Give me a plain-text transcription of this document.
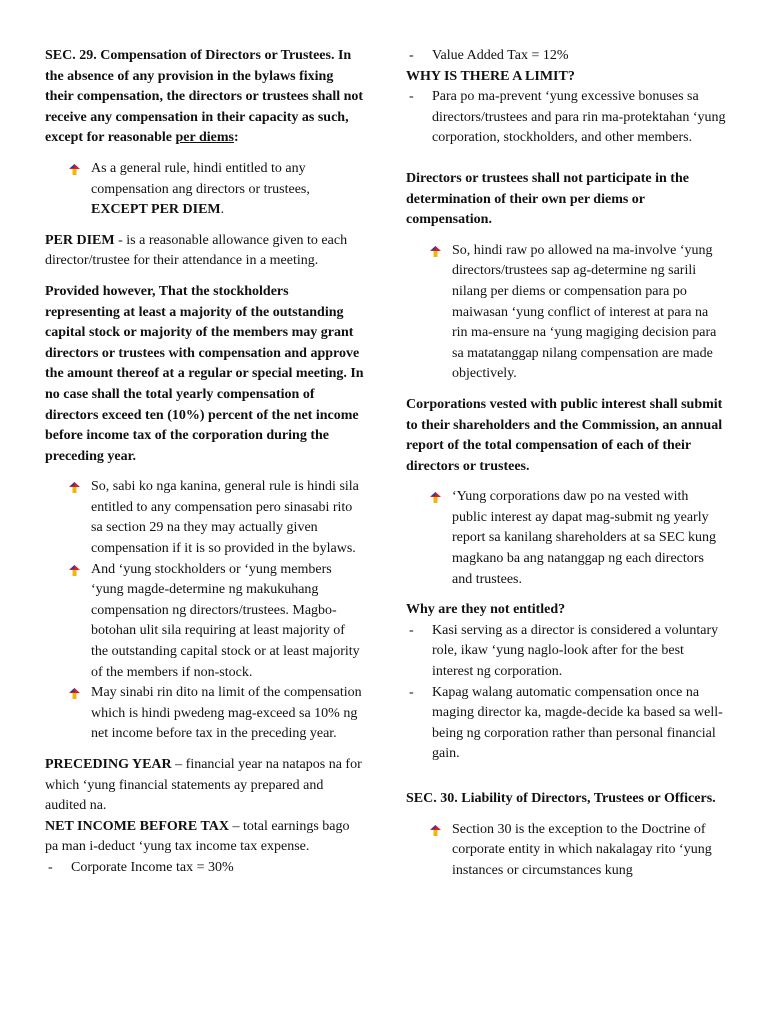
SEC. 29. Compensation of Directors or Trustees. In the absence of any provision in the bylaws fixing their compensation, the directors or trustees shall not receive any compensation in their capacity as such, except for reasonable per diems:

As a general rule, hindi entitled to any compensation ang directors or trustees, EXCEPT PER DIEM.

PER DIEM - is a reasonable allowance given to each director/trustee for their attendance in a meeting.

Provided however, That the stockholders representing at least a majority of the outstanding capital stock or majority of the members may grant directors or trustees with compensation and approve the amount thereof at a regular or special meeting. In no case shall the total yearly compensation of directors exceed ten (10%) percent of the net income before income tax of the corporation during the preceding year.

So, sabi ko nga kanina, general rule is hindi sila entitled to any compensation pero sinasabi rito sa section 29 na they may actually given compensation if it is so provided in the bylaws.
And ‘yung stockholders or ‘yung members ‘yung magde-determine ng makukuhang compensation ng directors/trustees. Magbo-botohan ulit sila requiring at least majority of the outstanding capital stock or at least majority of the members if non-stock.
May sinabi rin dito na limit of the compensation which is hindi pwedeng mag-exceed sa 10% ng net income before tax in the preceding year.

PRECEDING YEAR – financial year na natapos na for which ‘yung financial statements ay prepared and audited na.

NET INCOME BEFORE TAX – total earnings bago pa man i-deduct ‘yung tax income tax expense.

- Corporate Income tax = 30%

- Value Added Tax = 12%

WHY IS THERE A LIMIT?

- Para po ma-prevent ‘yung excessive bonuses sa directors/trustees and para rin ma-protektahan ‘yung corporation, stockholders, and other members.

Directors or trustees shall not participate in the determination of their own per diems or compensation.

So, hindi raw po allowed na ma-involve ‘yung directors/trustees sap ag-determine ng sarili nilang per diems or compensation para po maiwasan ‘yung conflict of interest at para na rin ma-ensure na ‘yung magiging decision para sa matatanggap nilang compensation are made objectively.

Corporations vested with public interest shall submit to their shareholders and the Commission, an annual report of the total compensation of each of their directors or trustees.

‘Yung corporations daw po na vested with public interest ay dapat mag-submit ng yearly report sa kanilang shareholders at sa SEC kung magkano ba ang natanggap ng each directors and trustees.

Why are they not entitled?

- Kasi serving as a director is considered a voluntary role, ikaw ‘yung naglo-look after for the best interest ng corporation.

- Kapag walang automatic compensation once na maging director ka, magde-decide ka based sa well-being ng corporation rather than personal financial gain.

SEC. 30. Liability of Directors, Trustees or Officers.

Section 30 is the exception to the Doctrine of corporate entity in which nakalagay rito ‘yung instances or circumstances kung
